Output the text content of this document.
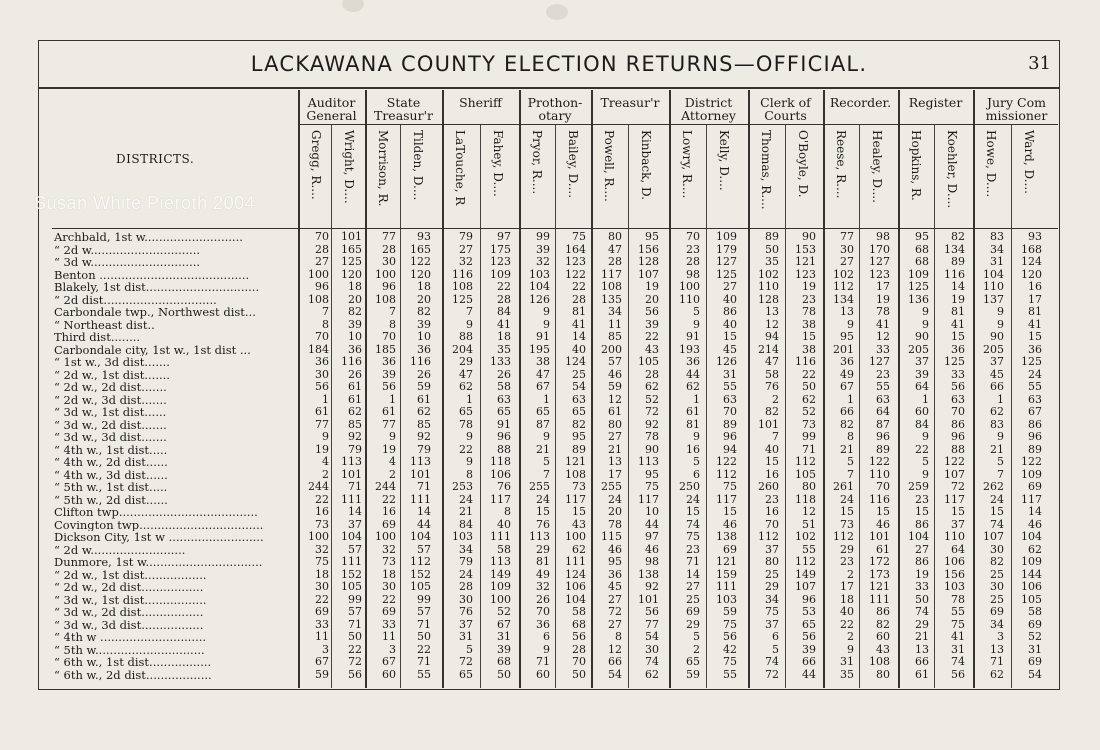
LACKAWANA COUNTY ELECTION RETURNS—OFFICIAL.	31
Susan White Pieroth 2004
DISTRICTS.
Auditor General
Gregg, R.... Wright, D....
State Treasur'r
Morrison, R. Tilden, D....
Sheriff
LaTouche, R Fahey, D....
Prothon-otary
Pryor, R.... Bailey, D....
Treasur'r
Powell, R.... Kinback, D.
District Attorney
Lowry, R.... Kelly, D....
Clerk of Courts
Thomas, R.... O'Boyle, D.
Recorder.
Reese, R.... Healey, D....
Register
Hopkins, R. Koehler, D....
Jury Com missioner
Howe, D.... Ward, D....
Archbald, 1st w...........................	70	101	77	93	79	97	99	75	80	95	70	109	89	90	77	98	95	82	83	93
“ 2d w..............................	28	165	28	165	27	175	39	164	47	156	23	179	50	153	30	170	68	134	34	168
“ 3d w..............................	27	125	30	122	32	123	32	123	28	128	28	127	35	121	27	127	68	89	31	124
Benton .........................................	100	120	100	120	116	109	103	122	117	107	98	125	102	123	102	123	109	116	104	120
Blakely, 1st dist...............................	96	18	96	18	108	22	104	22	108	19	100	27	110	19	112	17	125	14	110	16
“ 2d dist...............................	108	20	108	20	125	28	126	28	135	20	110	40	128	23	134	19	136	19	137	17
Carbondale twp., Northwest dist...	7	82	7	82	7	84	9	81	34	56	5	86	13	78	13	78	9	81	9	81
“ Northeast dist..	8	39	8	39	9	41	9	41	11	39	9	40	12	38	9	41	9	41	9	41
Third dist........	70	10	70	10	88	18	91	14	85	22	91	15	94	15	95	12	90	15	90	15
Carbondale city, 1st w., 1st dist ...	184	36	185	36	204	35	195	40	200	43	193	45	214	38	201	33	205	36	205	36
“ 1st w., 3d dist.......	36	116	36	116	29	133	38	124	57	105	36	126	47	116	36	127	37	125	37	125
“ 2d w., 1st dist.......	30	26	39	26	47	26	47	25	46	28	44	31	58	22	49	23	39	33	45	24
“ 2d w., 2d dist.......	56	61	56	59	62	58	67	54	59	62	62	55	76	50	67	55	64	56	66	55
“ 2d w., 3d dist.......	1	61	1	61	1	63	1	63	12	52	1	63	2	62	1	63	1	63	1	63
“ 3d w., 1st dist......	61	62	61	62	65	65	65	65	61	72	61	70	82	52	66	64	60	70	62	67
“ 3d w., 2d dist.......	77	85	77	85	78	91	87	82	80	92	81	89	101	73	82	87	84	86	83	86
“ 3d w., 3d dist.......	9	92	9	92	9	96	9	95	27	78	9	96	7	99	8	96	9	96	9	96
“ 4th w., 1st dist.....	19	79	19	79	22	88	21	89	21	90	16	94	40	71	21	89	22	88	21	89
“ 4th w., 2d dist......	4	113	4	113	9	118	5	121	13	113	5	122	15	112	5	122	5	122	5	122
“ 4th w., 3d dist......	2	101	2	101	8	106	7	108	17	95	6	112	16	105	7	110	9	107	7	109
“ 5th w., 1st dist.....	244	71	244	71	253	76	255	73	255	75	250	75	260	80	261	70	259	72	262	69
“ 5th w., 2d dist......	22	111	22	111	24	117	24	117	24	117	24	117	23	118	24	116	23	117	24	117
Clifton twp......................................	16	14	16	14	21	8	15	15	20	10	15	15	16	12	15	15	15	15	15	14
Covington twp..................................	73	37	69	44	84	40	76	43	78	44	74	46	70	51	73	46	86	37	74	46
Dickson City, 1st w ..........................	100	104	100	104	103	111	113	100	115	97	75	138	112	102	112	101	104	110	107	104
“ 2d w..........................	32	57	32	57	34	58	29	62	46	46	23	69	37	55	29	61	27	64	30	62
Dunmore, 1st w................................	75	111	73	112	79	113	81	111	95	98	71	121	80	112	23	172	86	106	82	109
“ 2d w., 1st dist.................	18	152	18	152	24	149	49	124	36	138	14	159	25	149	2	173	19	156	25	144
“ 2d w., 2d dist.................	30	105	30	105	28	109	32	106	45	92	27	111	29	107	17	121	33	103	30	106
“ 3d w., 1st dist.................	22	99	22	99	30	100	26	104	27	101	25	103	34	96	18	111	50	78	25	105
“ 3d w., 2d dist.................	69	57	69	57	76	52	70	58	72	56	69	59	75	53	40	86	74	55	69	58
“ 3d w., 3d dist.................	33	71	33	71	37	67	36	68	27	77	29	75	37	65	22	82	29	75	34	69
“ 4th w .............................	11	50	11	50	31	31	6	56	8	54	5	56	6	56	2	60	21	41	3	52
“ 5th w..............................	3	22	3	22	5	39	9	28	12	30	2	42	5	39	9	43	13	31	13	31
“ 6th w., 1st dist.................	67	72	67	71	72	68	71	70	66	74	65	75	74	66	31	108	66	74	71	69
“ 6th w., 2d dist..................	59	56	60	55	65	50	60	50	54	62	59	55	72	44	35	80	61	56	62	54
